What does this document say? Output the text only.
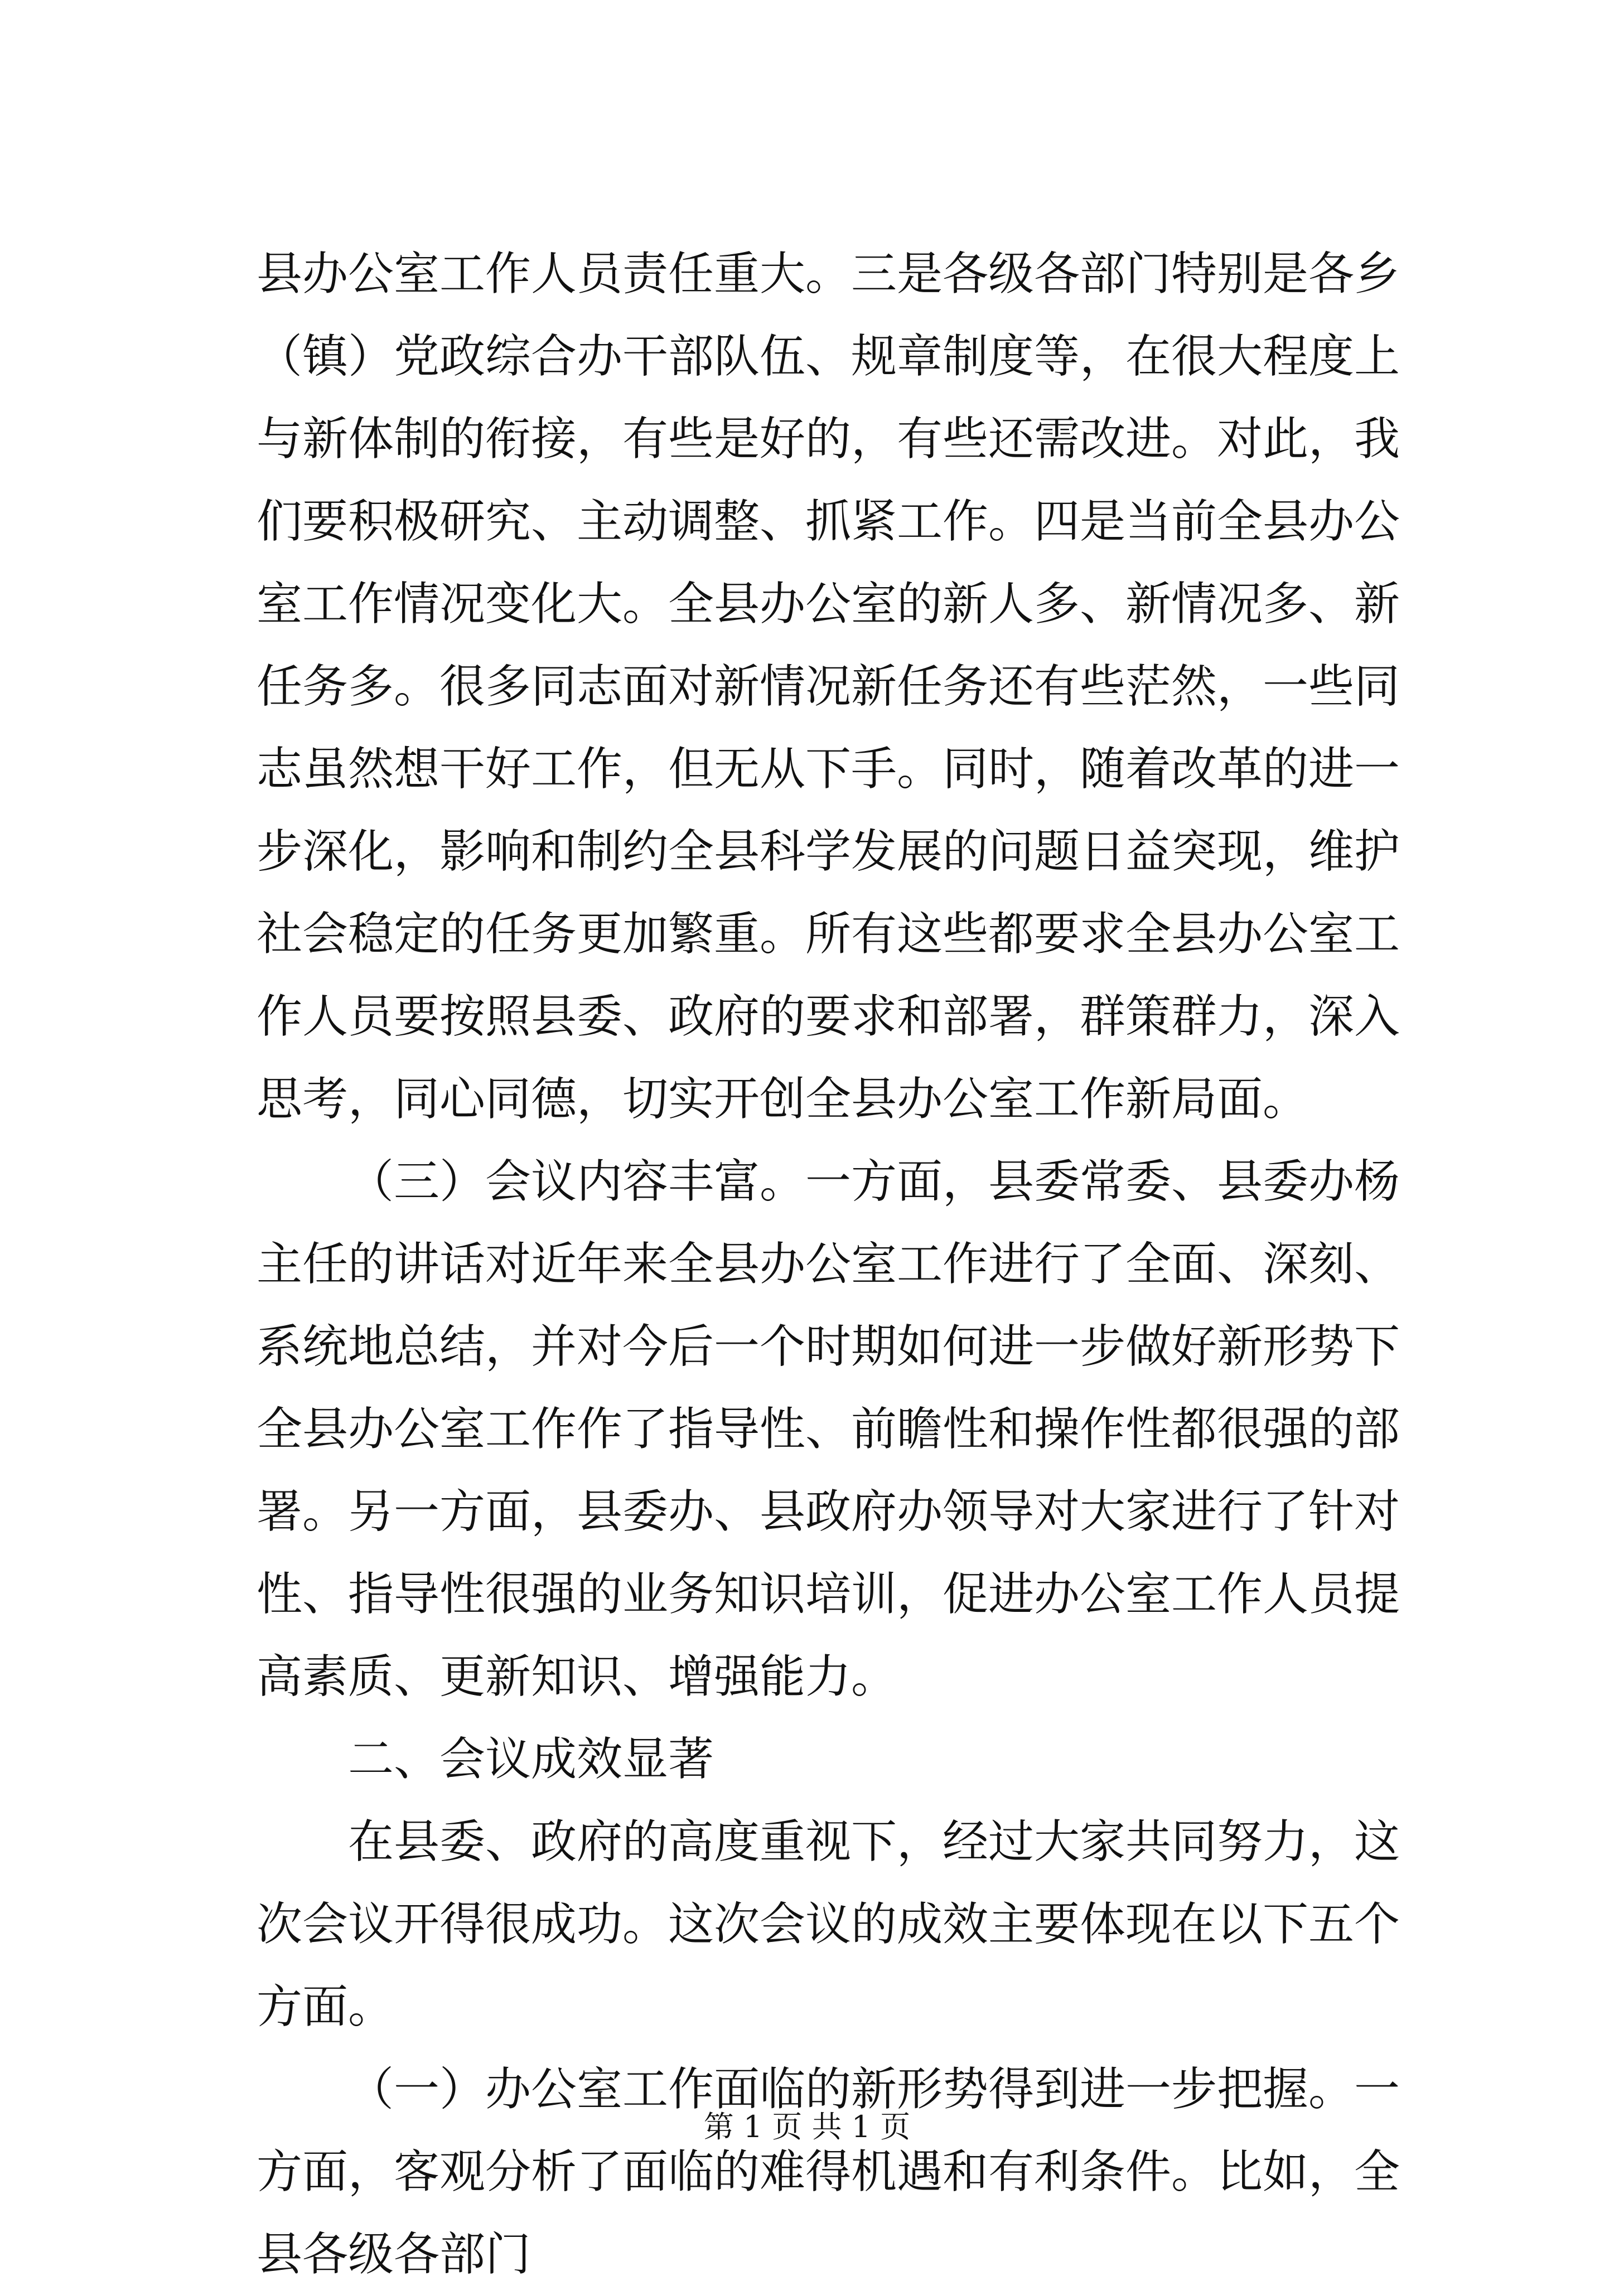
县办公室工作人员责任重大。三是各级各部门特别是各乡（镇）党政综合办干部队伍、规章制度等，在很大程度上与新体制的衔接，有些是好的，有些还需改进。对此，我们要积极研究、主动调整、抓紧工作。四是当前全县办公室工作情况变化大。全县办公室的新人多、新情况多、新任务多。很多同志面对新情况新任务还有些茫然，一些同志虽然想干好工作，但无从下手。同时，随着改革的进一步深化，影响和制约全县科学发展的问题日益突现，维护社会稳定的任务更加繁重。所有这些都要求全县办公室工作人员要按照县委、政府的要求和部署，群策群力，深入思考，同心同德，切实开创全县办公室工作新局面。

（三）会议内容丰富。一方面，县委常委、县委办杨主任的讲话对近年来全县办公室工作进行了全面、深刻、系统地总结，并对今后一个时期如何进一步做好新形势下全县办公室工作作了指导性、前瞻性和操作性都很强的部署。另一方面，县委办、县政府办领导对大家进行了针对性、指导性很强的业务知识培训，促进办公室工作人员提高素质、更新知识、增强能力。

二、会议成效显著

在县委、政府的高度重视下，经过大家共同努力，这次会议开得很成功。这次会议的成效主要体现在以下五个方面。

（一）办公室工作面临的新形势得到进一步把握。一方面，客观分析了面临的难得机遇和有利条件。比如，全县各级各部门

第 1 页 共 1 页
